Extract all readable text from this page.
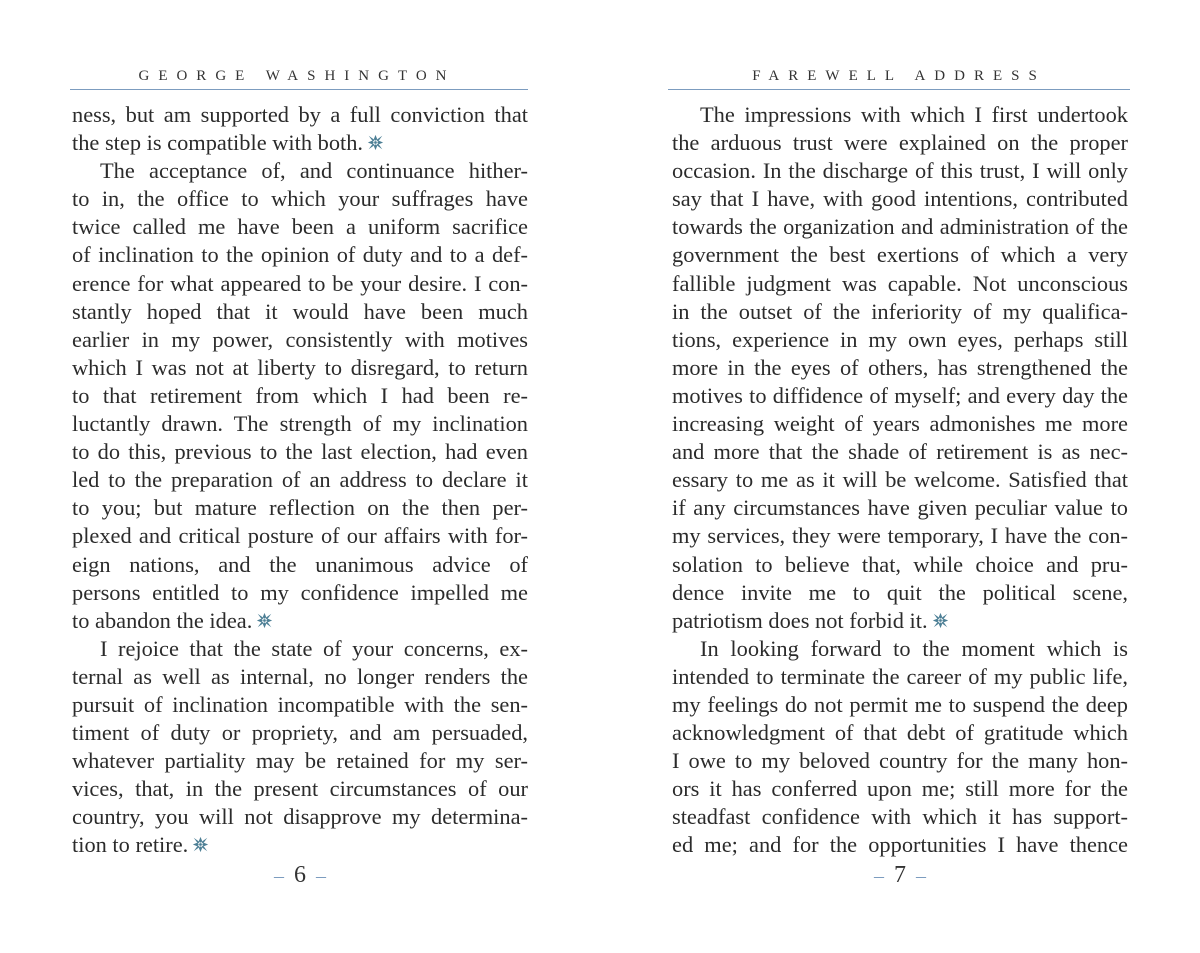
GEORGE WASHINGTON
ness, but am supported by a full conviction that
the step is compatible with both.
The acceptance of, and continuance hither-
to in, the office to which your suffrages have
twice called me have been a uniform sacrifice
of inclination to the opinion of duty and to a def-
erence for what appeared to be your desire. I con-
stantly hoped that it would have been much
earlier in my power, consistently with motives
which I was not at liberty to disregard, to return
to that retirement from which I had been re-
luctantly drawn. The strength of my inclination
to do this, previous to the last election, had even
led to the preparation of an address to declare it
to you; but mature reflection on the then per-
plexed and critical posture of our affairs with for-
eign nations, and the unanimous advice of
persons entitled to my confidence impelled me
to abandon the idea.
I rejoice that the state of your concerns, ex-
ternal as well as internal, no longer renders the
pursuit of inclination incompatible with the sen-
timent of duty or propriety, and am persuaded,
whatever partiality may be retained for my ser-
vices, that, in the present circumstances of our
country, you will not disapprove my determina-
tion to retire.
– 6 –
FAREWELL ADDRESS
The impressions with which I first undertook
the arduous trust were explained on the proper
occasion. In the discharge of this trust, I will only
say that I have, with good intentions, contributed
towards the organization and administration of the
government the best exertions of which a very
fallible judgment was capable. Not unconscious
in the outset of the inferiority of my qualifica-
tions, experience in my own eyes, perhaps still
more in the eyes of others, has strengthened the
motives to diffidence of myself; and every day the
increasing weight of years admonishes me more
and more that the shade of retirement is as nec-
essary to me as it will be welcome. Satisfied that
if any circumstances have given peculiar value to
my services, they were temporary, I have the con-
solation to believe that, while choice and pru-
dence invite me to quit the political scene,
patriotism does not forbid it.
In looking forward to the moment which is
intended to terminate the career of my public life,
my feelings do not permit me to suspend the deep
acknowledgment of that debt of gratitude which
I owe to my beloved country for the many hon-
ors it has conferred upon me; still more for the
steadfast confidence with which it has support-
ed me; and for the opportunities I have thence
– 7 –
